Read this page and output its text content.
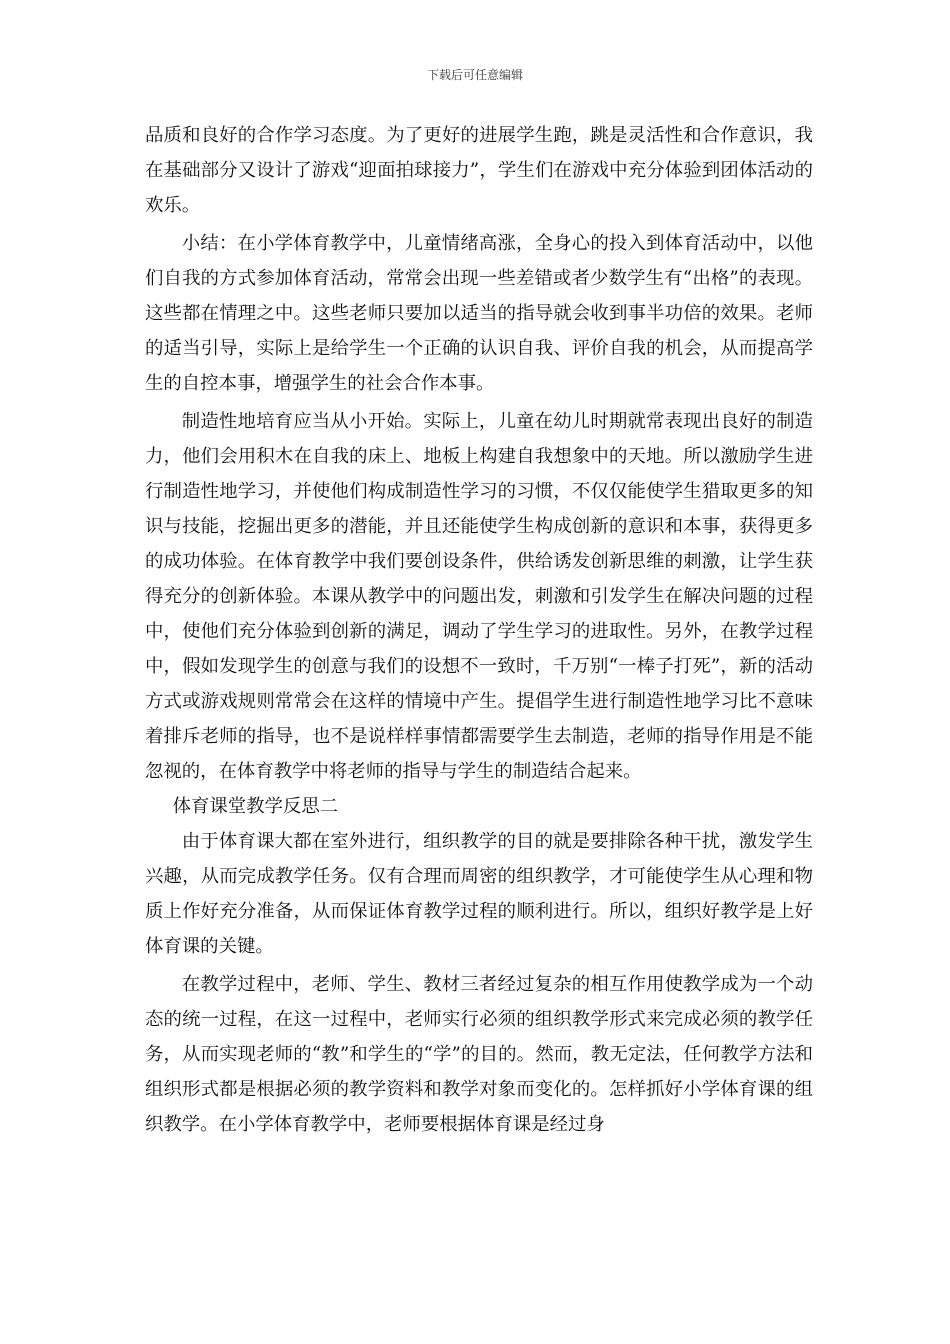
下载后可任意编辑

品质和良好的合作学习态度。为了更好的进展学生跑，跳是灵活性和合作意识，我在基础部分又设计了游戏“迎面拍球接力”，学生们在游戏中充分体验到团体活动的欢乐。

小结：在小学体育教学中，儿童情绪高涨，全身心的投入到体育活动中，以他们自我的方式参加体育活动，常常会出现一些差错或者少数学生有“出格”的表现。这些都在情理之中。这些老师只要加以适当的指导就会收到事半功倍的效果。老师的适当引导，实际上是给学生一个正确的认识自我、评价自我的机会，从而提高学生的自控本事，增强学生的社会合作本事。

制造性地培育应当从小开始。实际上，儿童在幼儿时期就常表现出良好的制造力，他们会用积木在自我的床上、地板上构建自我想象中的天地。所以激励学生进行制造性地学习，并使他们构成制造性学习的习惯，不仅仅能使学生猎取更多的知识与技能，挖掘出更多的潜能，并且还能使学生构成创新的意识和本事，获得更多的成功体验。在体育教学中我们要创设条件，供给诱发创新思维的刺激，让学生获得充分的创新体验。本课从教学中的问题出发，刺激和引发学生在解决问题的过程中，使他们充分体验到创新的满足，调动了学生学习的进取性。另外，在教学过程中，假如发现学生的创意与我们的设想不一致时，千万别“一棒子打死”，新的活动方式或游戏规则常常会在这样的情境中产生。提倡学生进行制造性地学习比不意味着排斥老师的指导，也不是说样样事情都需要学生去制造，老师的指导作用是不能忽视的，在体育教学中将老师的指导与学生的制造结合起来。

体育课堂教学反思二

由于体育课大都在室外进行，组织教学的目的就是要排除各种干扰，激发学生兴趣，从而完成教学任务。仅有合理而周密的组织教学，才可能使学生从心理和物质上作好充分准备，从而保证体育教学过程的顺利进行。所以，组织好教学是上好体育课的关键。

在教学过程中，老师、学生、教材三者经过复杂的相互作用使教学成为一个动态的统一过程，在这一过程中，老师实行必须的组织教学形式来完成必须的教学任务，从而实现老师的“教”和学生的“学”的目的。然而，教无定法，任何教学方法和组织形式都是根据必须的教学资料和教学对象而变化的。怎样抓好小学体育课的组织教学。在小学体育教学中，老师要根据体育课是经过身
